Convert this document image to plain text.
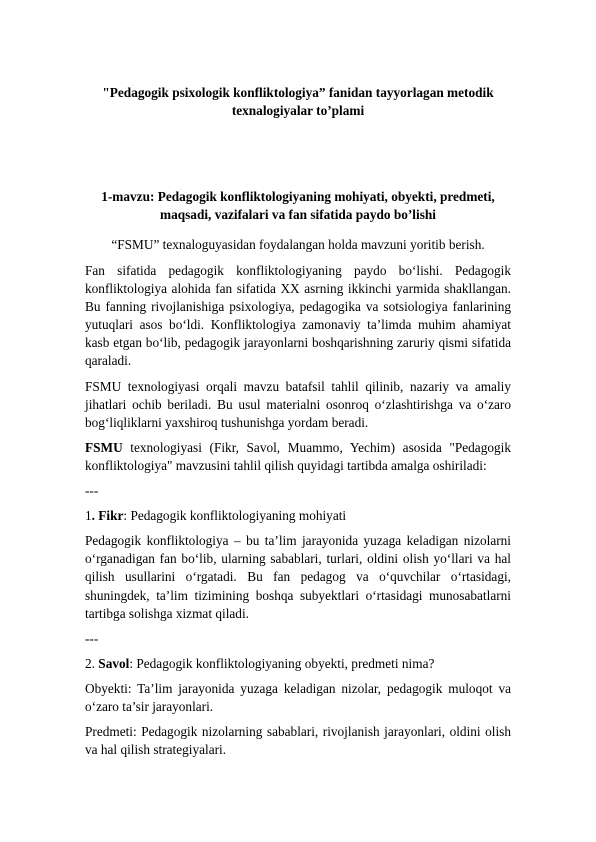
"Pedagogik psixologik konfliktologiya” fanidan tayyorlagan metodik texnalogiyalar to’plami
1-mavzu: Pedagogik konfliktologiyaning mohiyati, obyekti, predmeti, maqsadi, vazifalari va fan sifatida paydo bo’lishi
“FSMU” texnaloguyasidan foydalangan holda mavzuni yoritib berish.

Fan sifatida pedagogik konfliktologiyaning paydo bo‘lishi. Pedagogik konfliktologiya alohida fan sifatida XX asrning ikkinchi yarmida shakllangan. Bu fanning rivojlanishiga psixologiya, pedagogika va sotsiologiya fanlarining yutuqlari asos bo‘ldi. Konfliktologiya zamonaviy ta’limda muhim ahamiyat kasb etgan bo‘lib, pedagogik jarayonlarni boshqarishning zaruriy qismi sifatida qaraladi.

FSMU texnologiyasi orqali mavzu batafsil tahlil qilinib, nazariy va amaliy jihatlari ochib beriladi. Bu usul materialni osonroq o‘zlashtirishga va o‘zaro bog‘liqliklarni yaxshiroq tushunishga yordam beradi.

FSMU texnologiyasi (Fikr, Savol, Muammo, Yechim) asosida "Pedagogik konfliktologiya" mavzusini tahlil qilish quyidagi tartibda amalga oshiriladi:

---

1. Fikr: Pedagogik konfliktologiyaning mohiyati

Pedagogik konfliktologiya – bu ta’lim jarayonida yuzaga keladigan nizolarni o‘rganadigan fan bo‘lib, ularning sabablari, turlari, oldini olish yo‘llari va hal qilish usullarini o‘rgatadi. Bu fan pedagog va o‘quvchilar o‘rtasidagi, shuningdek, ta’lim tizimining boshqa subyektlari o‘rtasidagi munosabatlarni tartibga solishga xizmat qiladi.

---

2. Savol: Pedagogik konfliktologiyaning obyekti, predmeti nima?

Obyekti: Ta’lim jarayonida yuzaga keladigan nizolar, pedagogik muloqot va o‘zaro ta’sir jarayonlari.

Predmeti: Pedagogik nizolarning sabablari, rivojlanish jarayonlari, oldini olish va hal qilish strategiyalari.
